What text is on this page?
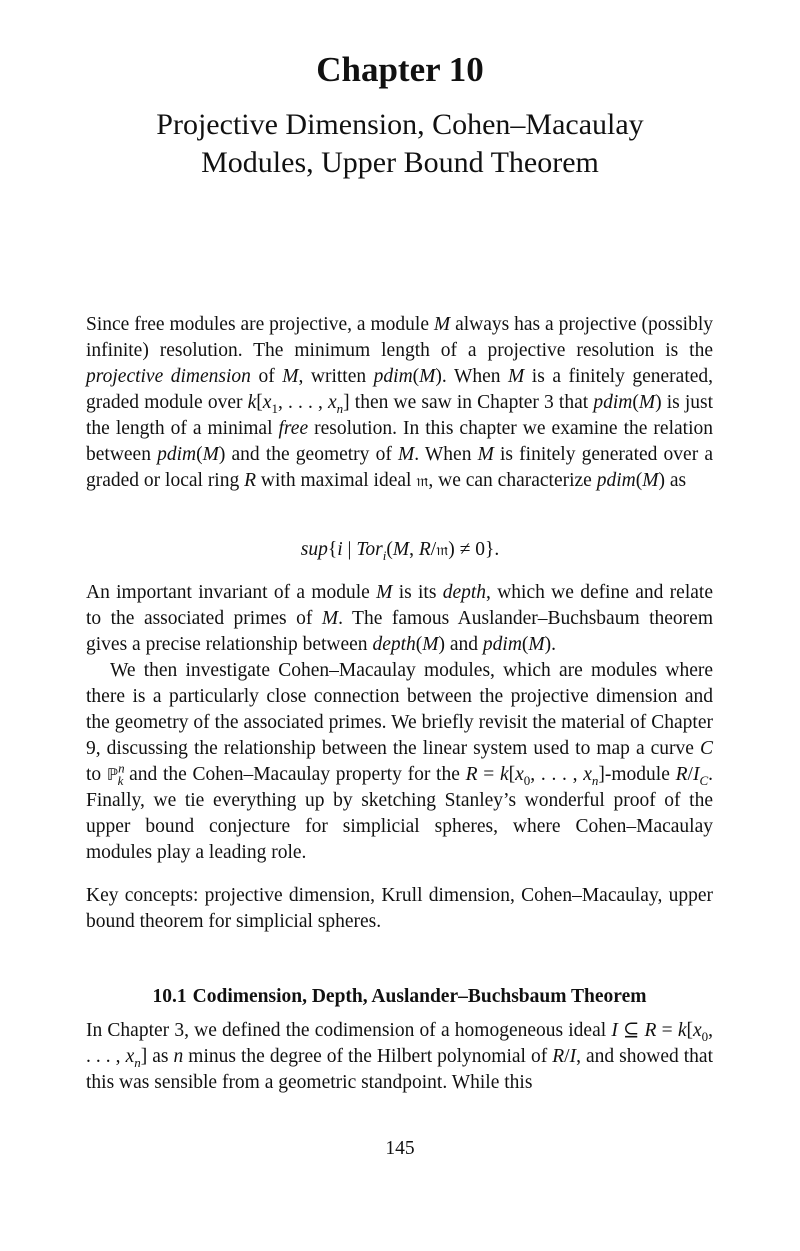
Chapter 10
Projective Dimension, Cohen–Macaulay
Modules, Upper Bound Theorem

Since free modules are projective, a module M always has a projective (possibly infinite) resolution. The minimum length of a projective resolution is the projective dimension of M, written pdim(M). When M is a finitely generated, graded module over $k[x_1$, . . . , $x_n$] then we saw in Chapter 3 that pdim(M) is just the length of a minimal free resolution. In this chapter we examine the relation between pdim(M) and the geometry of M. When M is finitely generated over a graded or local ring R with maximal ideal 𝔪, we can characterize pdim(M) as

sup{i | Tor$_i$(M, R/𝔪) ≠ 0}.

An important invariant of a module M is its depth, which we define and relate to the associated primes of M. The famous Auslander–Buchsbaum theorem gives a precise relationship between depth(M) and pdim(M).

We then investigate Cohen–Macaulay modules, which are modules where there is a particularly close connection between the projective dimension and the geometry of the associated primes. We briefly revisit the material of Chapter 9, discussing the relationship between the linear system used to map a curve C to ℙ$^n_k$ and the Cohen–Macaulay property for the $R = k[x_0$, . . . , $x_n$]-module $R/I_C$. Finally, we tie everything up by sketching Stanley’s wonderful proof of the upper bound conjecture for simplicial spheres, where Cohen–Macaulay modules play a leading role.

Key concepts: projective dimension, Krull dimension, Cohen–Macaulay, upper bound theorem for simplicial spheres.

10.1 Codimension, Depth, Auslander–Buchsbaum Theorem

In Chapter 3, we defined the codimension of a homogeneous ideal I ⊆ $R = k[x_0$, . . . , $x_n$] as n minus the degree of the Hilbert polynomial of R/I, and showed that this was sensible from a geometric standpoint. While this

145
